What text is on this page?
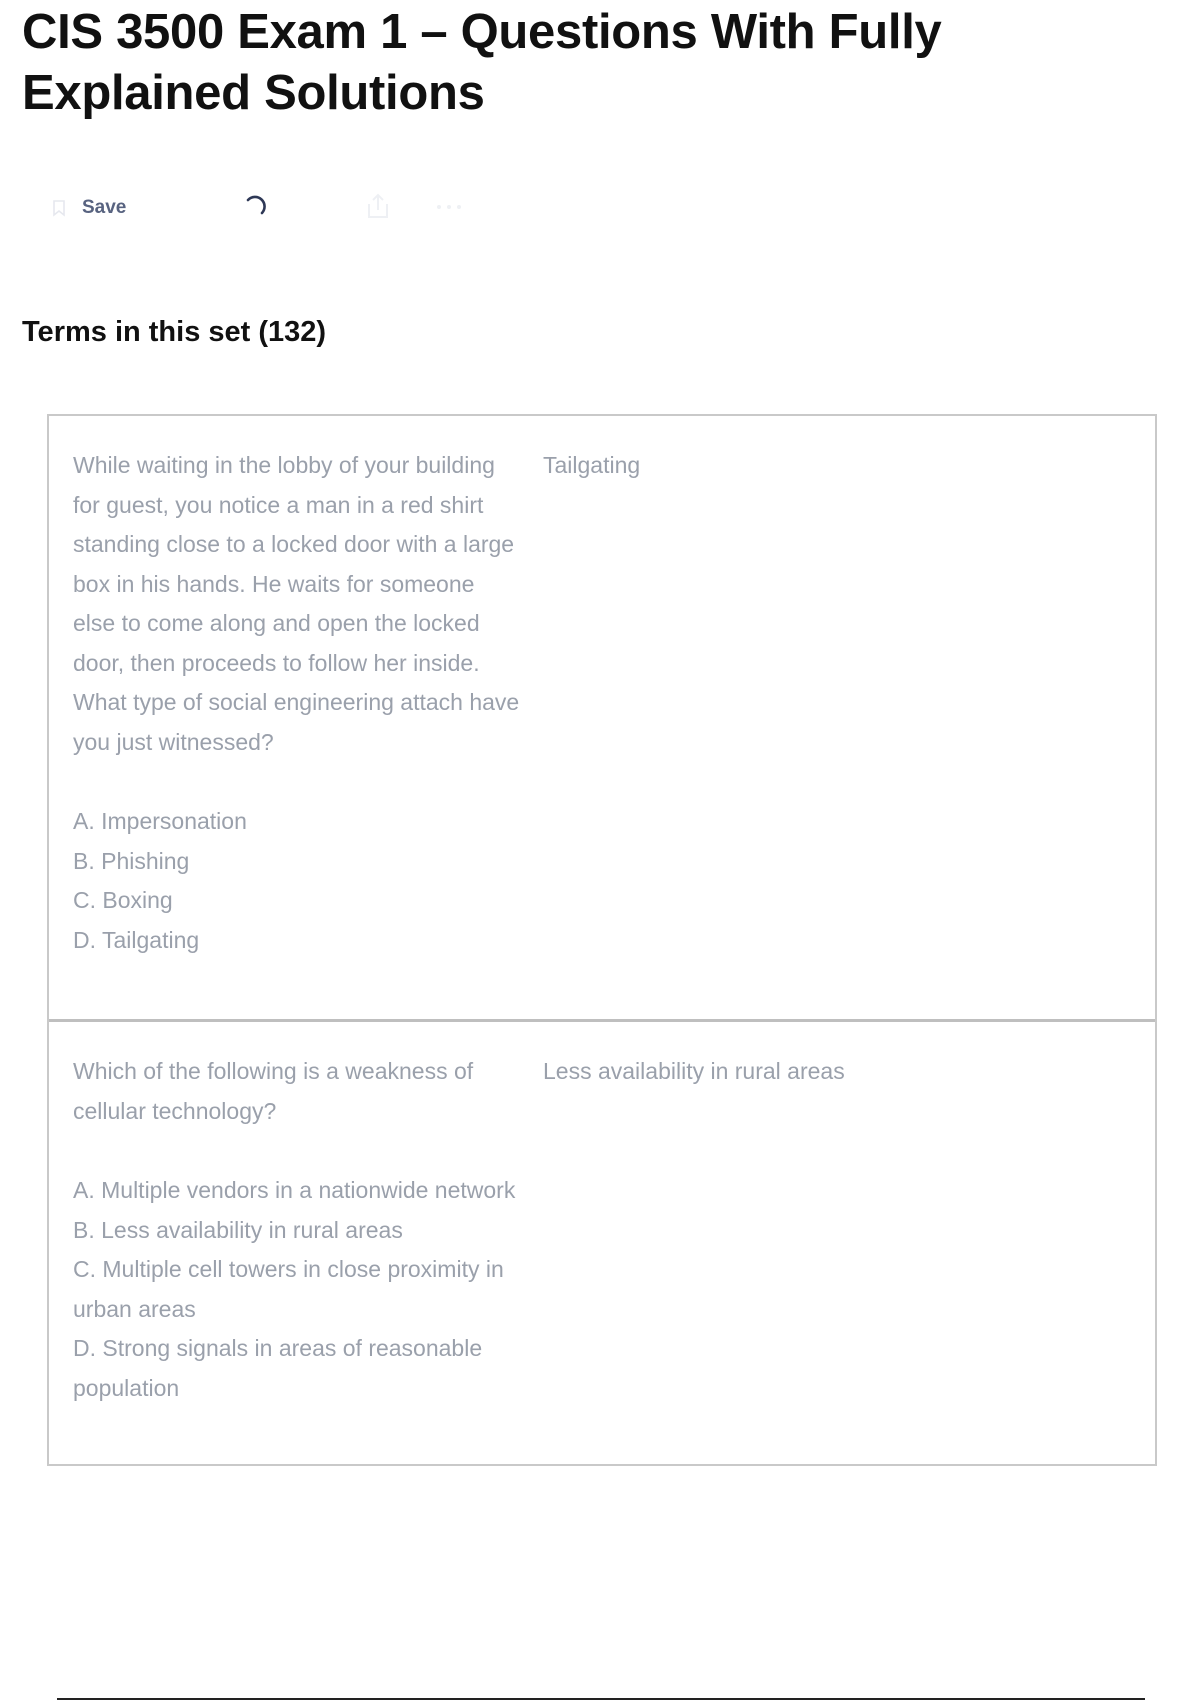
CIS 3500 Exam 1 – Questions With Fully Explained Solutions
Save
Terms in this set (132)

While waiting in the lobby of your building for guest, you notice a man in a red shirt standing close to a locked door with a large box in his hands. He waits for someone else to come along and open the locked door, then proceeds to follow her inside. What type of social engineering attach have you just witnessed?

A. Impersonation

B. Phishing

C. Boxing

D. Tailgating

Tailgating

Which of the following is a weakness of cellular technology?

A. Multiple vendors in a nationwide network

B. Less availability in rural areas

C. Multiple cell towers in close proximity in urban areas

D. Strong signals in areas of reasonable population

Less availability in rural areas
